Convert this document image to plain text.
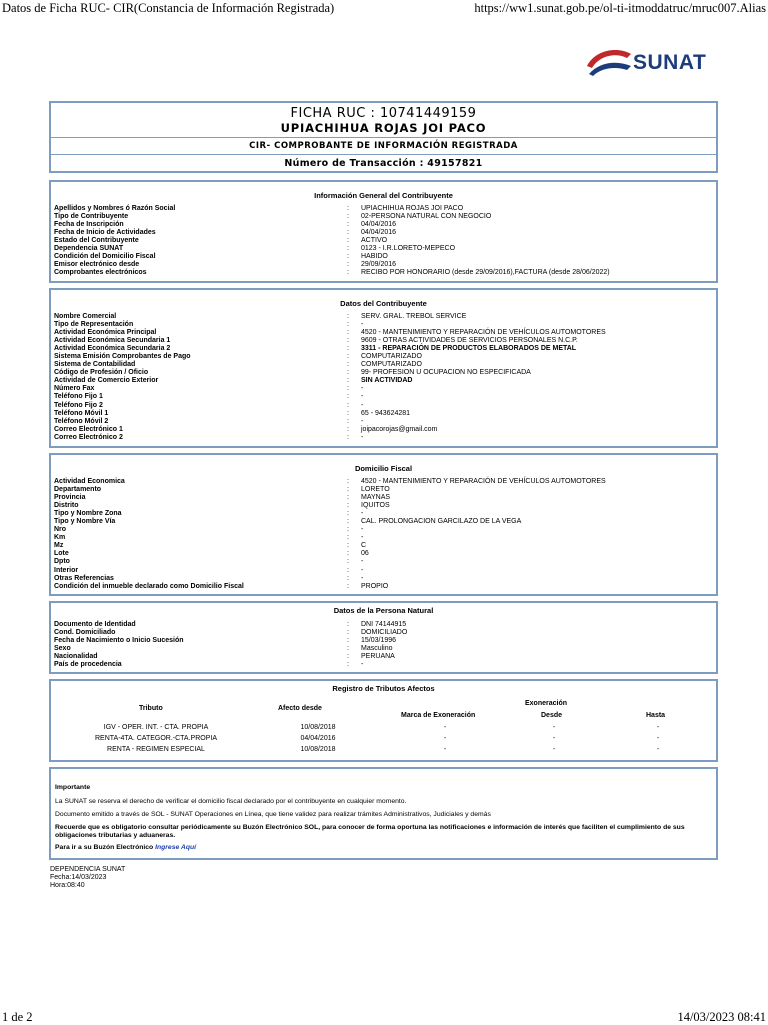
Datos de Ficha RUC- CIR(Constancia de Información Registrada)	https://ww1.sunat.gob.pe/ol-ti-itmoddatruc/mruc007.Alias
SUNAT
FICHA RUC : 10741449159
UPIACHIHUA ROJAS JOI PACO
CIR- COMPROBANTE DE INFORMACIÓN REGISTRADA
Número de Transacción : 49157821
Información General del Contribuyente
Apellidos y Nombres ó Razón Social	: UPIACHIHUA ROJAS JOI PACO
Tipo de Contribuyente	: 02-PERSONA NATURAL CON NEGOCIO
Fecha de Inscripción	: 04/04/2016
Fecha de Inicio de Actividades	: 04/04/2016
Estado del Contribuyente	: ACTIVO
Dependencia SUNAT	: 0123 - I.R.LORETO-MEPECO
Condición del Domicilio Fiscal	: HABIDO
Emisor electrónico desde	: 29/09/2016
Comprobantes electrónicos	: RECIBO POR HONORARIO (desde 29/09/2016),FACTURA (desde 28/06/2022)
Datos del Contribuyente
Nombre Comercial	: SERV. GRAL. TREBOL SERVICE
Tipo de Representación	: -
Actividad Económica Principal	: 4520 - MANTENIMIENTO Y REPARACIÓN DE VEHÍCULOS AUTOMOTORES
Actividad Económica Secundaria 1	: 9609 - OTRAS ACTIVIDADES DE SERVICIOS PERSONALES N.C.P.
Actividad Económica Secundaria 2	: 3311 - REPARACIÓN DE PRODUCTOS ELABORADOS DE METAL
Sistema Emisión Comprobantes de Pago	: COMPUTARIZADO
Sistema de Contabilidad	: COMPUTARIZADO
Código de Profesión / Oficio	: 99- PROFESION U OCUPACION NO ESPECIFICADA
Actividad de Comercio Exterior	: SIN ACTIVIDAD
Número Fax	: -
Teléfono Fijo 1	: -
Teléfono Fijo 2	: -
Teléfono Móvil 1	: 65 - 943624281
Teléfono Móvil 2	: -
Correo Electrónico 1	: joipacorojas@gmail.com
Correo Electrónico 2	: -
Domicilio Fiscal
Actividad Economica	: 4520 - MANTENIMIENTO Y REPARACIÓN DE VEHÍCULOS AUTOMOTORES
Departamento	: LORETO
Provincia	: MAYNAS
Distrito	: IQUITOS
Tipo y Nombre Zona	: -
Tipo y Nombre Vía	: CAL. PROLONGACION GARCILAZO DE LA VEGA
Nro	: -
Km	: -
Mz	: C
Lote	: 06
Dpto	: -
Interior	: -
Otras Referencias	: -
Condición del inmueble declarado como Domicilio Fiscal	: PROPIO
Datos de la Persona Natural
Documento de Identidad	: DNI 74144915
Cond. Domiciliado	: DOMICILIADO
Fecha de Nacimiento o Inicio Sucesión	: 15/03/1996
Sexo	: Masculino
Nacionalidad	: PERUANA
País de procedencia	: -
Registro de Tributos Afectos
Tributo	Afecto desde
Exoneración
Marca de Exoneración	Desde	Hasta
IGV - OPER. INT. - CTA. PROPIA	10/08/2018	-	-	-
RENTA-4TA. CATEGOR.-CTA.PROPIA	04/04/2016	-	-	-
RENTA - REGIMEN ESPECIAL	10/08/2018	-	-	-
Importante
La SUNAT se reserva el derecho de verificar el domicilio fiscal declarado por el contribuyente en cualquier momento.
Documento emitido a través de SOL - SUNAT Operaciones en Línea, que tiene validez para realizar trámites Administrativos, Judiciales y demás
Recuerde que es obligatorio consultar periódicamente su Buzón Electrónico SOL, para conocer de forma oportuna las notificaciones e información de interés que faciliten el cumplimiento de sus obligaciones tributarias y aduaneras.
Para ir a su Buzón Electrónico Ingrese Aquí
DEPENDENCIA SUNAT
Fecha:14/03/2023
Hora:08:40
1 de 2	14/03/2023 08:41
